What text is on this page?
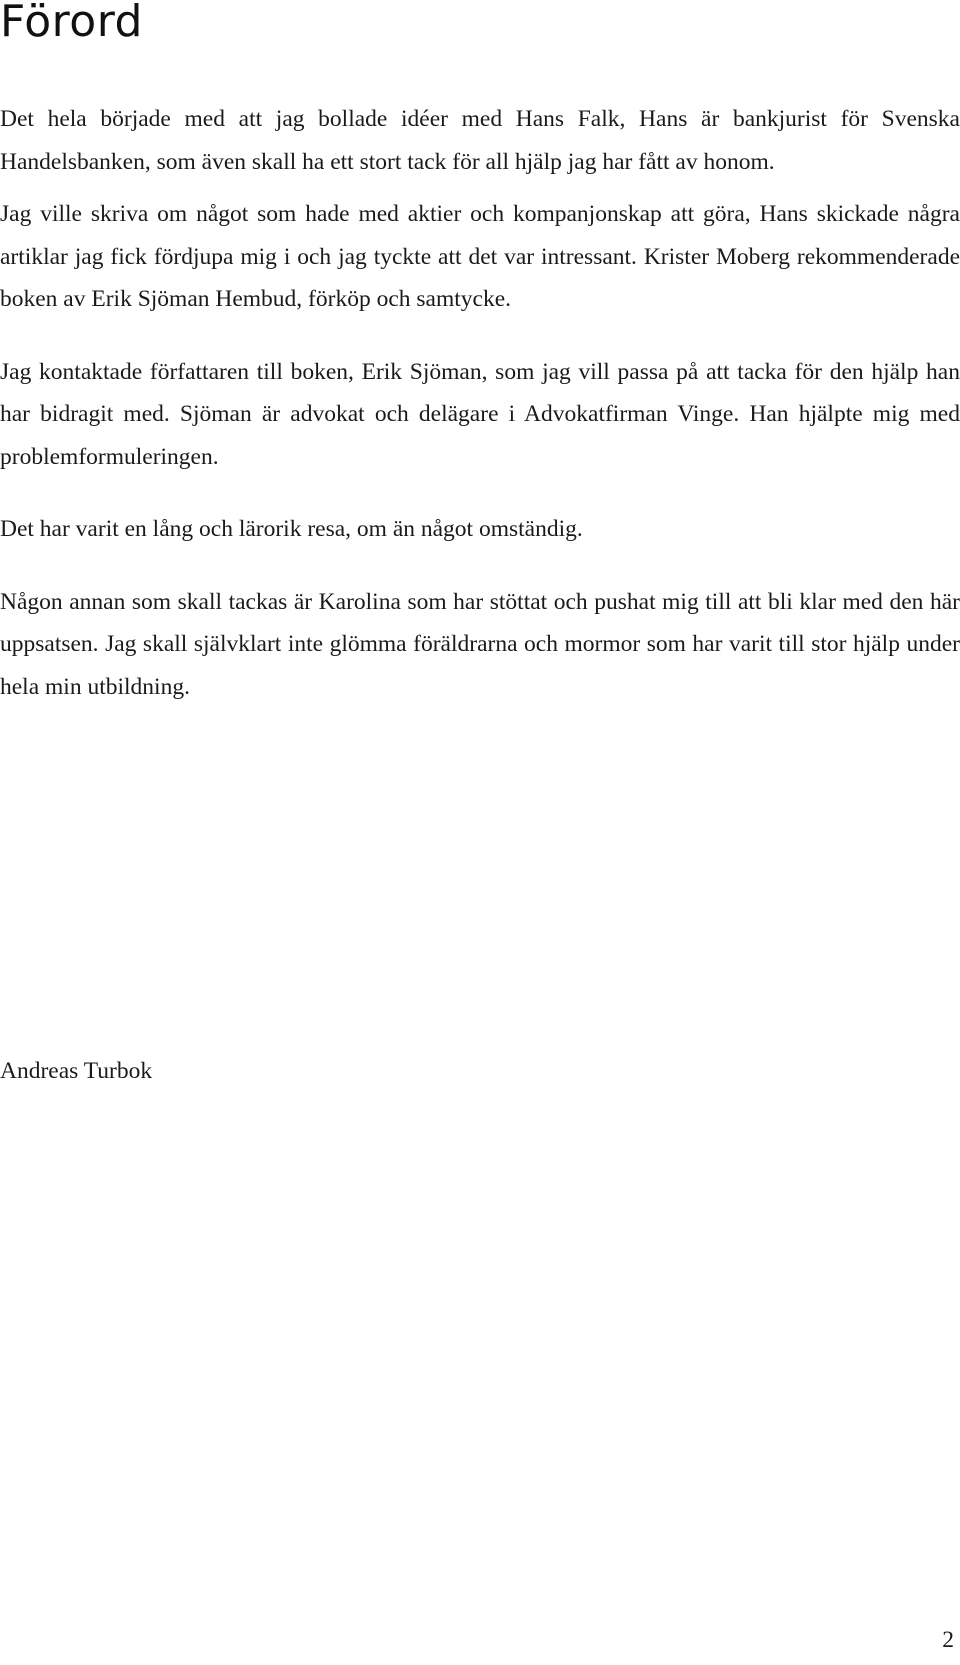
Förord

Det hela började med att jag bollade idéer med Hans Falk, Hans är bankjurist för Svenska Handelsbanken, som även skall ha ett stort tack för all hjälp jag har fått av honom.

Jag ville skriva om något som hade med aktier och kompanjonskap att göra, Hans skickade några artiklar jag fick fördjupa mig i och jag tyckte att det var intressant. Krister Moberg rekommenderade boken av Erik Sjöman Hembud, förköp och samtycke.

Jag kontaktade författaren till boken, Erik Sjöman, som jag vill passa på att tacka för den hjälp han har bidragit med. Sjöman är advokat och delägare i Advokatfirman Vinge. Han hjälpte mig med problemformuleringen.

Det har varit en lång och lärorik resa, om än något omständig.

Någon annan som skall tackas är Karolina som har stöttat och pushat mig till att bli klar med den här uppsatsen. Jag skall självklart inte glömma föräldrarna och mormor som har varit till stor hjälp under hela min utbildning.

Andreas Turbok

2
